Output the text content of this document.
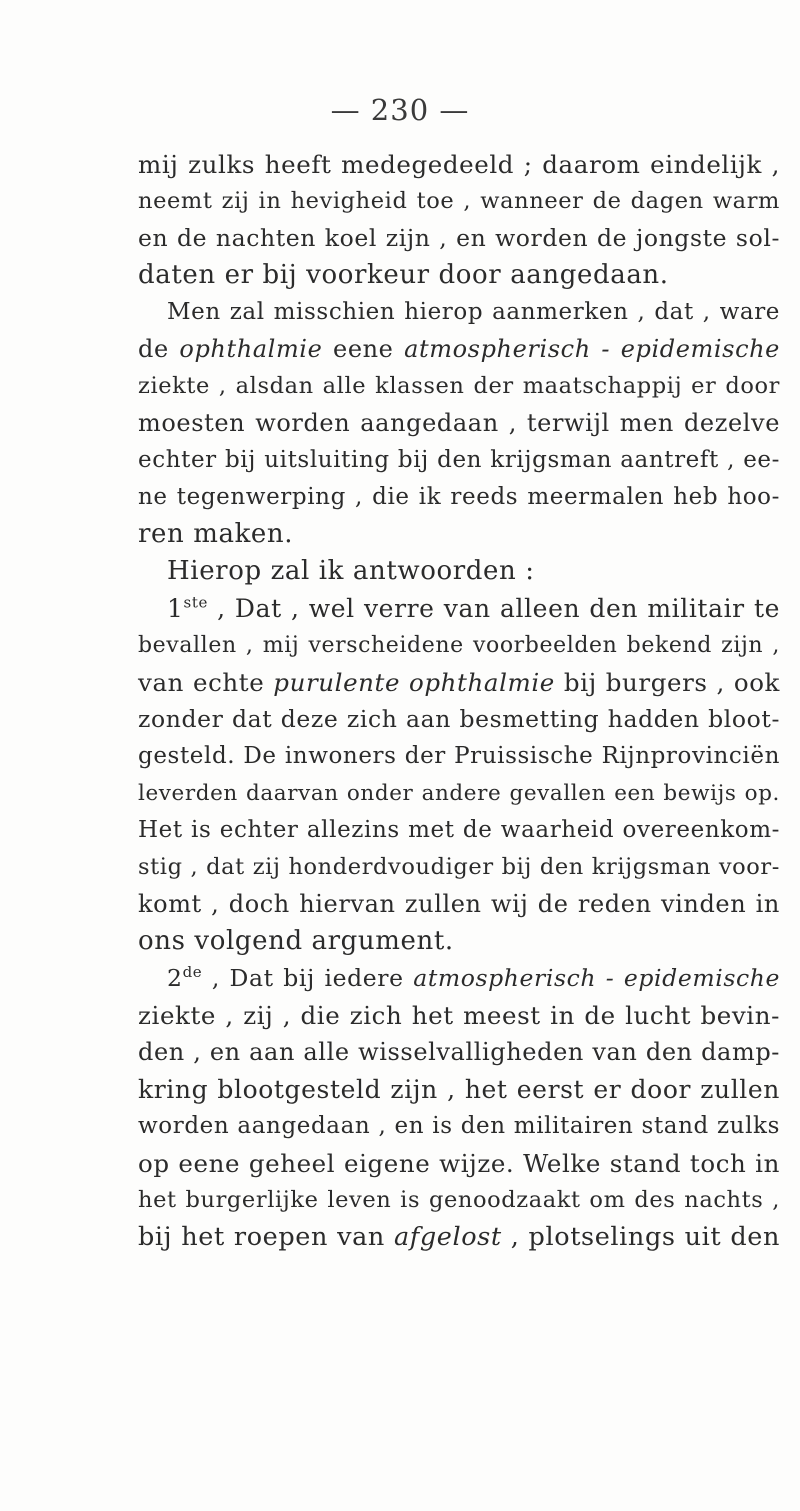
— 230 —
mij zulks heeft medegedeeld ; daarom eindelijk ,
neemt zij in hevigheid toe , wanneer de dagen warm
en de nachten koel zijn , en worden de jongste sol-
daten er bij voorkeur door aangedaan.
Men zal misschien hierop aanmerken , dat , ware
de ophthalmie eene atmospherisch - epidemische
ziekte , alsdan alle klassen der maatschappij er door
moesten worden aangedaan , terwijl men dezelve
echter bij uitsluiting bij den krijgsman aantreft , ee-
ne tegenwerping , die ik reeds meermalen heb hoo-
ren maken.
Hierop zal ik antwoorden :
1ste , Dat , wel verre van alleen den militair te
bevallen , mij verscheidene voorbeelden bekend zijn ,
van echte purulente ophthalmie bij burgers , ook
zonder dat deze zich aan besmetting hadden bloot-
gesteld. De inwoners der Pruissische Rijnprovinciën
leverden daarvan onder andere gevallen een bewijs op.
Het is echter allezins met de waarheid overeenkom-
stig , dat zij honderdvoudiger bij den krijgsman voor-
komt , doch hiervan zullen wij de reden vinden in
ons volgend argument.
2de , Dat bij iedere atmospherisch - epidemische
ziekte , zij , die zich het meest in de lucht bevin-
den , en aan alle wisselvalligheden van den damp-
kring blootgesteld zijn , het eerst er door zullen
worden aangedaan , en is den militairen stand zulks
op eene geheel eigene wijze. Welke stand toch in
het burgerlijke leven is genoodzaakt om des nachts ,
bij het roepen van afgelost , plotselings uit den
